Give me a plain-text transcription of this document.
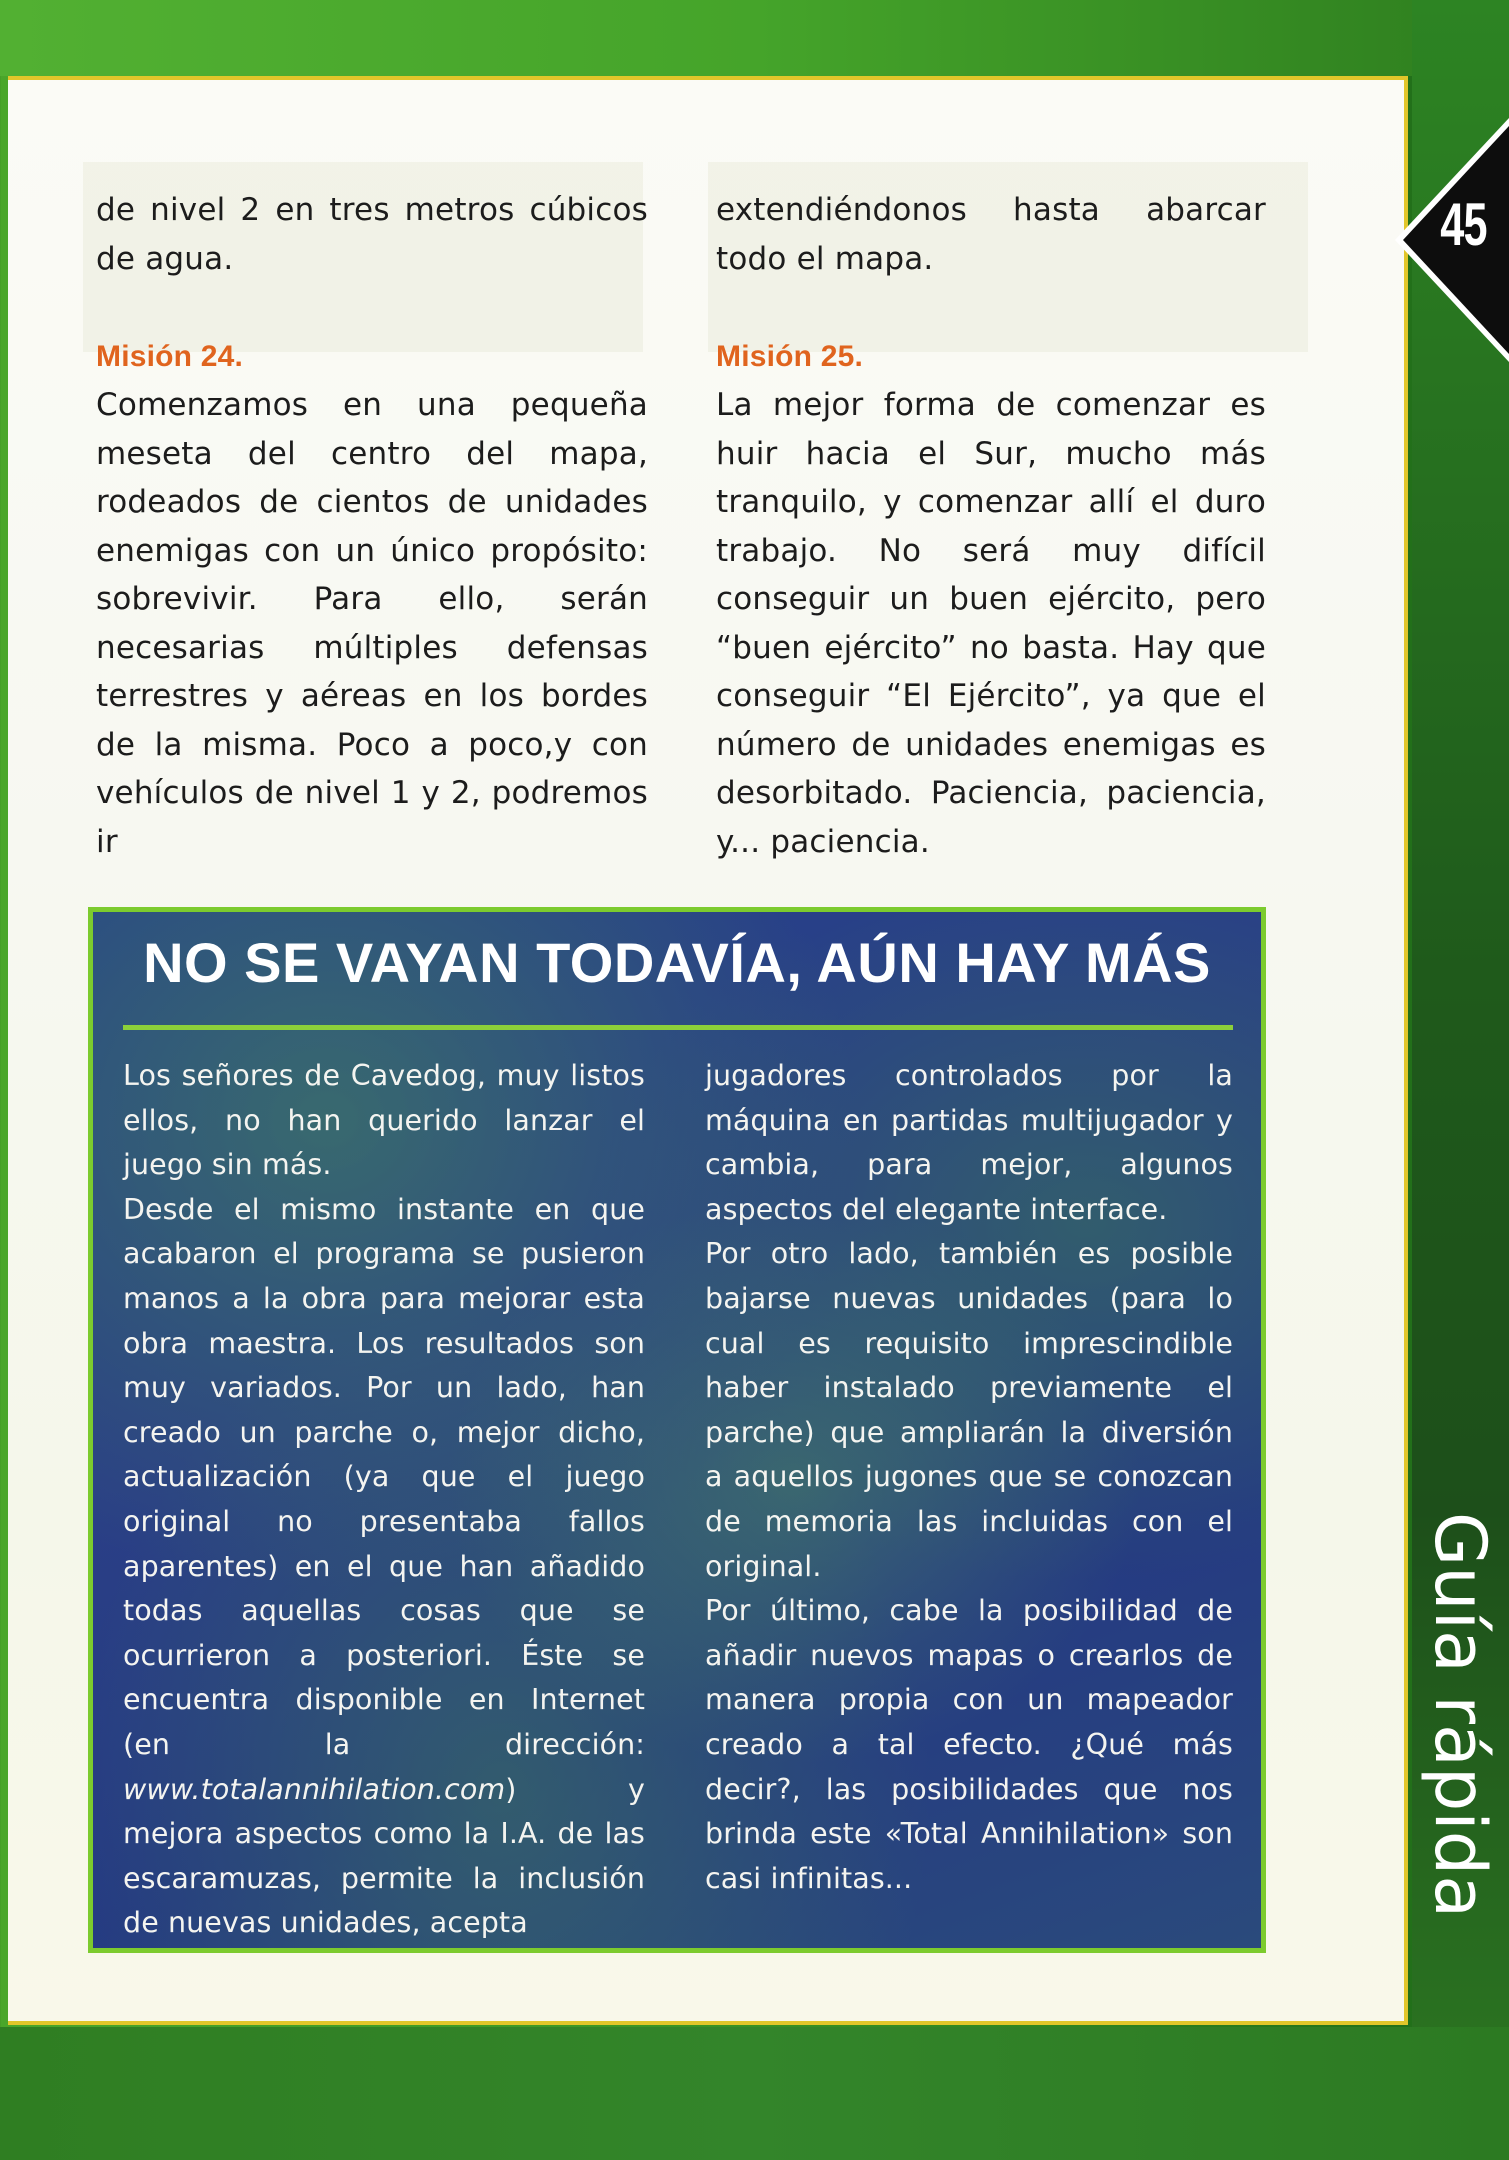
de nivel 2 en tres metros cúbicos de agua.

Misión 24.

Comenzamos en una pequeña meseta del centro del mapa, rodeados de cientos de unidades enemigas con un único propósito: sobrevivir. Para ello, serán necesarias múltiples defensas terrestres y aéreas en los bordes de la misma. Poco a poco,y con vehículos de nivel 1 y 2, podremos ir

extendiéndonos hasta abarcar todo el mapa.

Misión 25.

La mejor forma de comenzar es huir hacia el Sur, mucho más tranquilo, y comenzar allí el duro trabajo. No será muy difícil conseguir un buen ejército, pero “buen ejército” no basta. Hay que conseguir “El Ejército”, ya que el número de unidades enemigas es desorbitado. Paciencia, paciencia, y... paciencia.

NO SE VAYAN TODAVÍA, AÚN HAY MÁS

Los señores de Cavedog, muy listos ellos, no han querido lanzar el juego sin más.

Desde el mismo instante en que acabaron el programa se pusieron manos a la obra para mejorar esta obra maestra. Los resultados son muy variados. Por un lado, han creado un parche o, mejor dicho, actualización (ya que el juego original no presentaba fallos aparentes) en el que han añadido todas aquellas cosas que se ocurrieron a posteriori. Éste se encuentra disponible en Internet (en la dirección: www.totalannihilation.com) y mejora aspectos como la I.A. de las escaramuzas, permite la inclusión de nuevas unidades, acepta

jugadores controlados por la máquina en partidas multijugador y cambia, para mejor, algunos aspectos del elegante interface.

Por otro lado, también es posible bajarse nuevas unidades (para lo cual es requisito imprescindible haber instalado previamente el parche) que ampliarán la diversión a aquellos jugones que se conozcan de memoria las incluidas con el original.

Por último, cabe la posibilidad de añadir nuevos mapas o crearlos de manera propia con un mapeador creado a tal efecto. ¿Qué más decir?, las posibilidades que nos brinda este «Total Annihilation» son casi infinitas...

45
Guía rápida
